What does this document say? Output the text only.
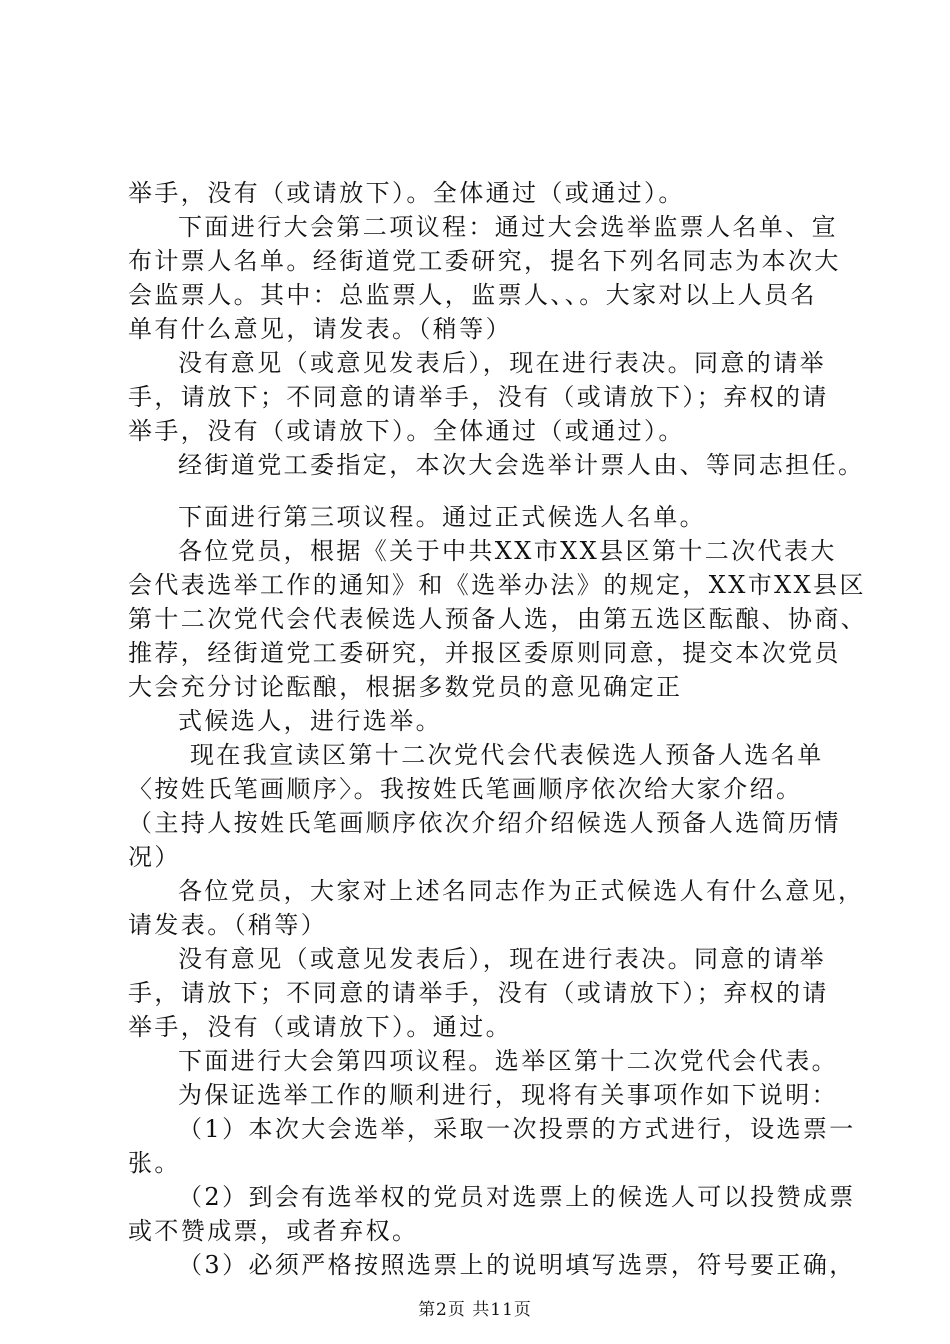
举手，没有（或请放下）。全体通过（或通过）。
下面进行大会第二项议程：通过大会选举监票人名单、宣
布计票人名单。经街道党工委研究，提名下列名同志为本次大
会监票人。其中：总监票人，监票人、、。大家对以上人员名
单有什么意见，请发表。（稍等）
没有意见（或意见发表后），现在进行表决。同意的请举
手，请放下；不同意的请举手，没有（或请放下）；弃权的请
举手，没有（或请放下）。全体通过（或通过）。
经街道党工委指定，本次大会选举计票人由、等同志担任。
下面进行第三项议程。通过正式候选人名单。
各位党员，根据《关于中共XX市XX县区第十二次代表大
会代表选举工作的通知》和《选举办法》的规定，XX市XX县区
第十二次党代会代表候选人预备人选，由第五选区酝酿、协商、
推荐，经街道党工委研究，并报区委原则同意，提交本次党员
大会充分讨论酝酿，根据多数党员的意见确定正
式候选人，进行选举。
现在我宣读区第十二次党代会代表候选人预备人选名单
〈按姓氏笔画顺序〉。我按姓氏笔画顺序依次给大家介绍。
（主持人按姓氏笔画顺序依次介绍介绍候选人预备人选简历情
况）
各位党员，大家对上述名同志作为正式候选人有什么意见，
请发表。（稍等）
没有意见（或意见发表后），现在进行表决。同意的请举
手，请放下；不同意的请举手，没有（或请放下）；弃权的请
举手，没有（或请放下）。通过。
下面进行大会第四项议程。选举区第十二次党代会代表。
为保证选举工作的顺利进行，现将有关事项作如下说明：
（1）本次大会选举，采取一次投票的方式进行，设选票一
张。
（2）到会有选举权的党员对选票上的候选人可以投赞成票
或不赞成票，或者弃权。
（3）必须严格按照选票上的说明填写选票，符号要正确，
第2页 共11页
